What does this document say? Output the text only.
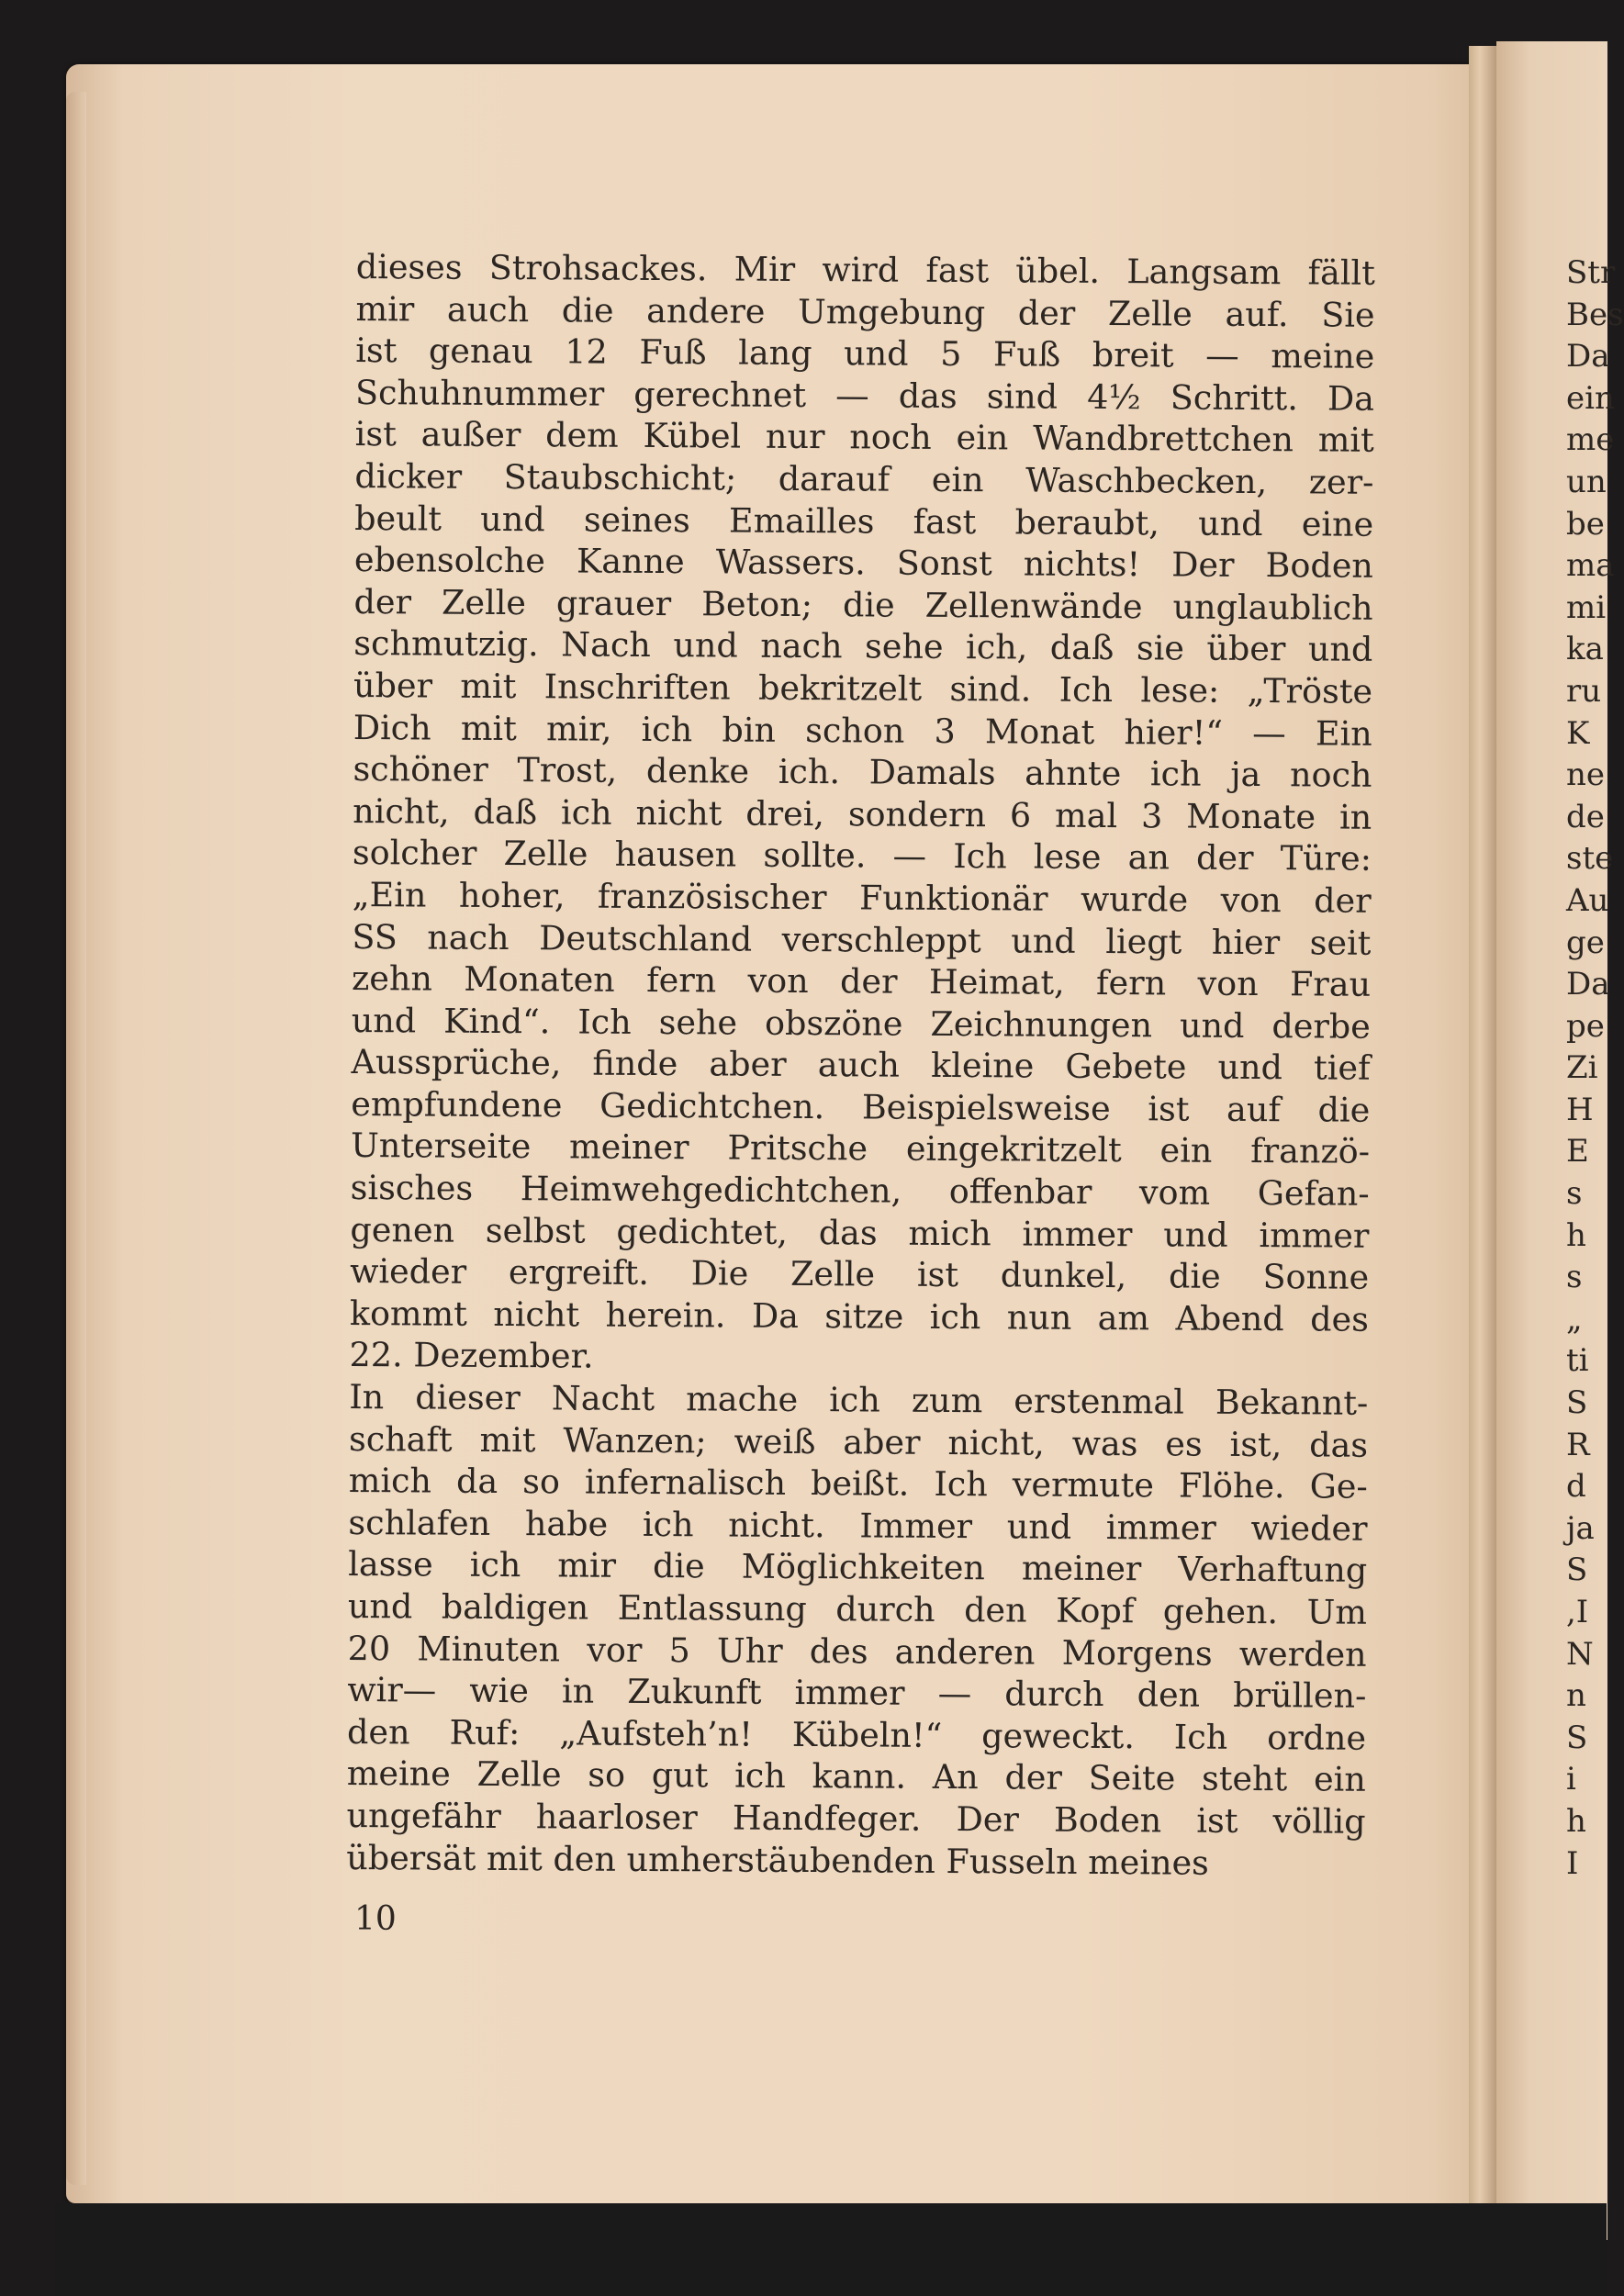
dieses Strohsackes. Mir wird fast übel. Langsam fällt
mir auch die andere Umgebung der Zelle auf. Sie
ist genau 12 Fuß lang und 5 Fuß breit — meine
Schuhnummer gerechnet — das sind 4½ Schritt. Da
ist außer dem Kübel nur noch ein Wandbrettchen mit
dicker Staubschicht; darauf ein Waschbecken, zer-
beult und seines Emailles fast beraubt, und eine
ebensolche Kanne Wassers. Sonst nichts! Der Boden
der Zelle grauer Beton; die Zellenwände unglaublich
schmutzig. Nach und nach sehe ich, daß sie über und
über mit Inschriften bekritzelt sind. Ich lese: „Tröste
Dich mit mir, ich bin schon 3 Monat hier!“ — Ein
schöner Trost, denke ich. Damals ahnte ich ja noch
nicht, daß ich nicht drei, sondern 6 mal 3 Monate in
solcher Zelle hausen sollte. — Ich lese an der Türe:
„Ein hoher, französischer Funktionär wurde von der
SS nach Deutschland verschleppt und liegt hier seit
zehn Monaten fern von der Heimat, fern von Frau
und Kind“. Ich sehe obszöne Zeichnungen und derbe
Aussprüche, finde aber auch kleine Gebete und tief
empfundene Gedichtchen. Beispielsweise ist auf die
Unterseite meiner Pritsche eingekritzelt ein franzö-
sisches Heimwehgedichtchen, offenbar vom Gefan-
genen selbst gedichtet, das mich immer und immer
wieder ergreift. Die Zelle ist dunkel, die Sonne
kommt nicht herein. Da sitze ich nun am Abend des
22. Dezember.
In dieser Nacht mache ich zum erstenmal Bekannt-
schaft mit Wanzen; weiß aber nicht, was es ist, das
mich da so infernalisch beißt. Ich vermute Flöhe. Ge-
schlafen habe ich nicht. Immer und immer wieder
lasse ich mir die Möglichkeiten meiner Verhaftung
und baldigen Entlassung durch den Kopf gehen. Um
20 Minuten vor 5 Uhr des anderen Morgens werden
wir— wie in Zukunft immer — durch den brüllen-
den Ruf: „Aufsteh’n! Kübeln!“ geweckt. Ich ordne
meine Zelle so gut ich kann. An der Seite steht ein
ungefähr haarloser Handfeger. Der Boden ist völlig
übersät mit den umherstäubenden Fusseln meines
10
Str
Bes
Da
ein
me
un
be
ma
mi
ka
ru
K
ne
de
ste
Au
ge
Da
pe
Zi
H
E
s
h
s
„
ti
S
R
d
ja
S
,I
N
n
S
i
h
I
